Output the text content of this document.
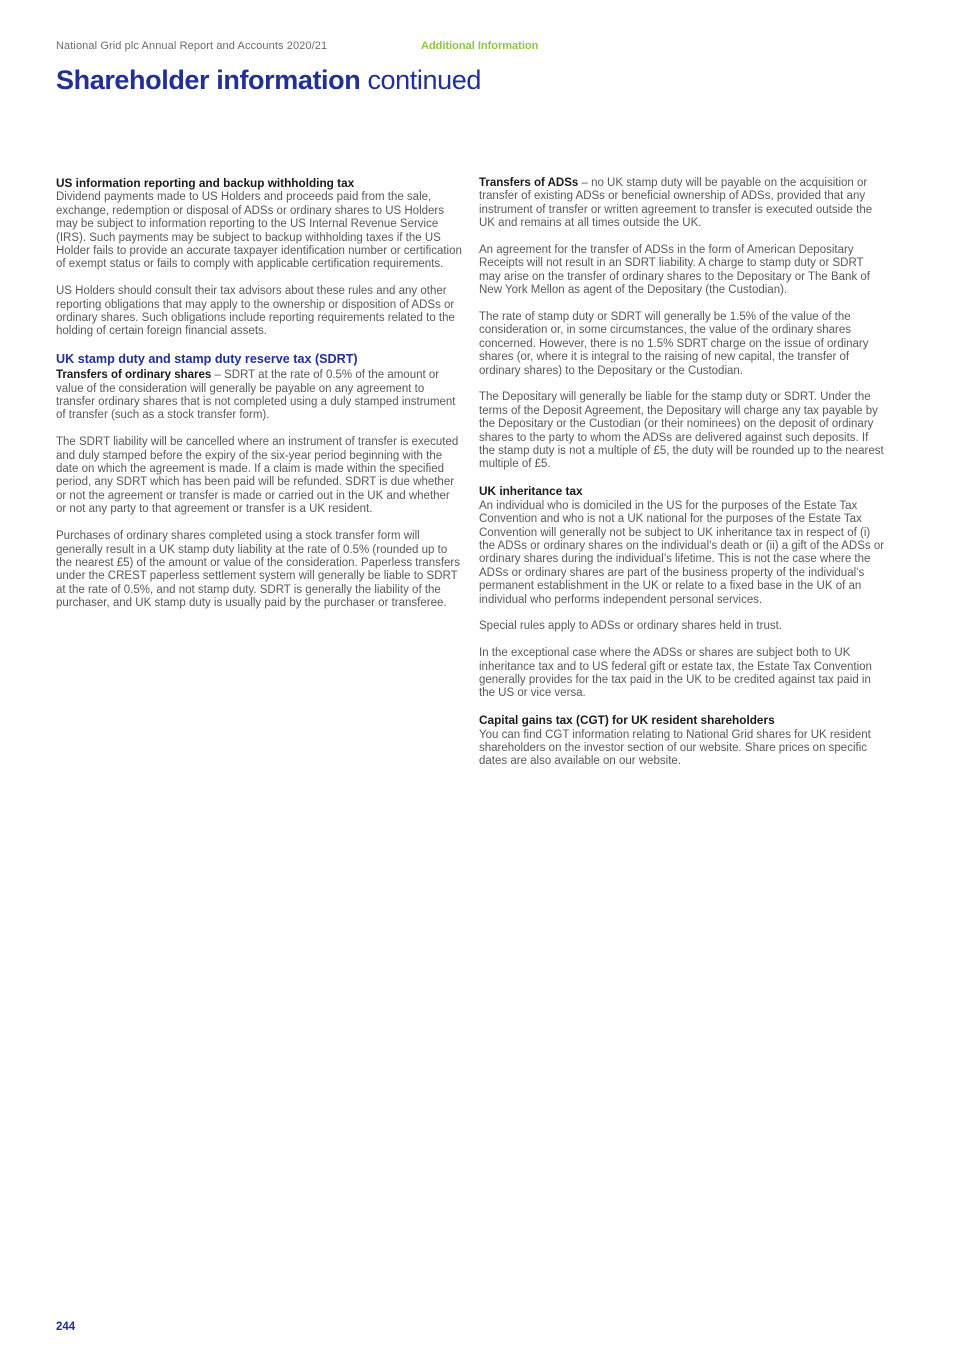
National Grid plc Annual Report and Accounts 2020/21	Additional Information
Shareholder information continued
US information reporting and backup withholding tax

Dividend payments made to US Holders and proceeds paid from the sale, exchange, redemption or disposal of ADSs or ordinary shares to US Holders may be subject to information reporting to the US Internal Revenue Service (IRS). Such payments may be subject to backup withholding taxes if the US Holder fails to provide an accurate taxpayer identification number or certification of exempt status or fails to comply with applicable certification requirements.

US Holders should consult their tax advisors about these rules and any other reporting obligations that may apply to the ownership or disposition of ADSs or ordinary shares. Such obligations include reporting requirements related to the holding of certain foreign financial assets.

UK stamp duty and stamp duty reserve tax (SDRT)

Transfers of ordinary shares – SDRT at the rate of 0.5% of the amount or value of the consideration will generally be payable on any agreement to transfer ordinary shares that is not completed using a duly stamped instrument of transfer (such as a stock transfer form).

The SDRT liability will be cancelled where an instrument of transfer is executed and duly stamped before the expiry of the six-year period beginning with the date on which the agreement is made. If a claim is made within the specified period, any SDRT which has been paid will be refunded. SDRT is due whether or not the agreement or transfer is made or carried out in the UK and whether or not any party to that agreement or transfer is a UK resident.

Purchases of ordinary shares completed using a stock transfer form will generally result in a UK stamp duty liability at the rate of 0.5% (rounded up to the nearest £5) of the amount or value of the consideration. Paperless transfers under the CREST paperless settlement system will generally be liable to SDRT at the rate of 0.5%, and not stamp duty. SDRT is generally the liability of the purchaser, and UK stamp duty is usually paid by the purchaser or transferee.

Transfers of ADSs – no UK stamp duty will be payable on the acquisition or transfer of existing ADSs or beneficial ownership of ADSs, provided that any instrument of transfer or written agreement to transfer is executed outside the UK and remains at all times outside the UK.

An agreement for the transfer of ADSs in the form of American Depositary Receipts will not result in an SDRT liability. A charge to stamp duty or SDRT may arise on the transfer of ordinary shares to the Depositary or The Bank of New York Mellon as agent of the Depositary (the Custodian).

The rate of stamp duty or SDRT will generally be 1.5% of the value of the consideration or, in some circumstances, the value of the ordinary shares concerned. However, there is no 1.5% SDRT charge on the issue of ordinary shares (or, where it is integral to the raising of new capital, the transfer of ordinary shares) to the Depositary or the Custodian.

The Depositary will generally be liable for the stamp duty or SDRT. Under the terms of the Deposit Agreement, the Depositary will charge any tax payable by the Depositary or the Custodian (or their nominees) on the deposit of ordinary shares to the party to whom the ADSs are delivered against such deposits. If the stamp duty is not a multiple of £5, the duty will be rounded up to the nearest multiple of £5.

UK inheritance tax

An individual who is domiciled in the US for the purposes of the Estate Tax Convention and who is not a UK national for the purposes of the Estate Tax Convention will generally not be subject to UK inheritance tax in respect of (i) the ADSs or ordinary shares on the individual’s death or (ii) a gift of the ADSs or ordinary shares during the individual’s lifetime. This is not the case where the ADSs or ordinary shares are part of the business property of the individual’s permanent establishment in the UK or relate to a fixed base in the UK of an individual who performs independent personal services.

Special rules apply to ADSs or ordinary shares held in trust.

In the exceptional case where the ADSs or shares are subject both to UK inheritance tax and to US federal gift or estate tax, the Estate Tax Convention generally provides for the tax paid in the UK to be credited against tax paid in the US or vice versa.

Capital gains tax (CGT) for UK resident shareholders

You can find CGT information relating to National Grid shares for UK resident shareholders on the investor section of our website. Share prices on specific dates are also available on our website.

244
